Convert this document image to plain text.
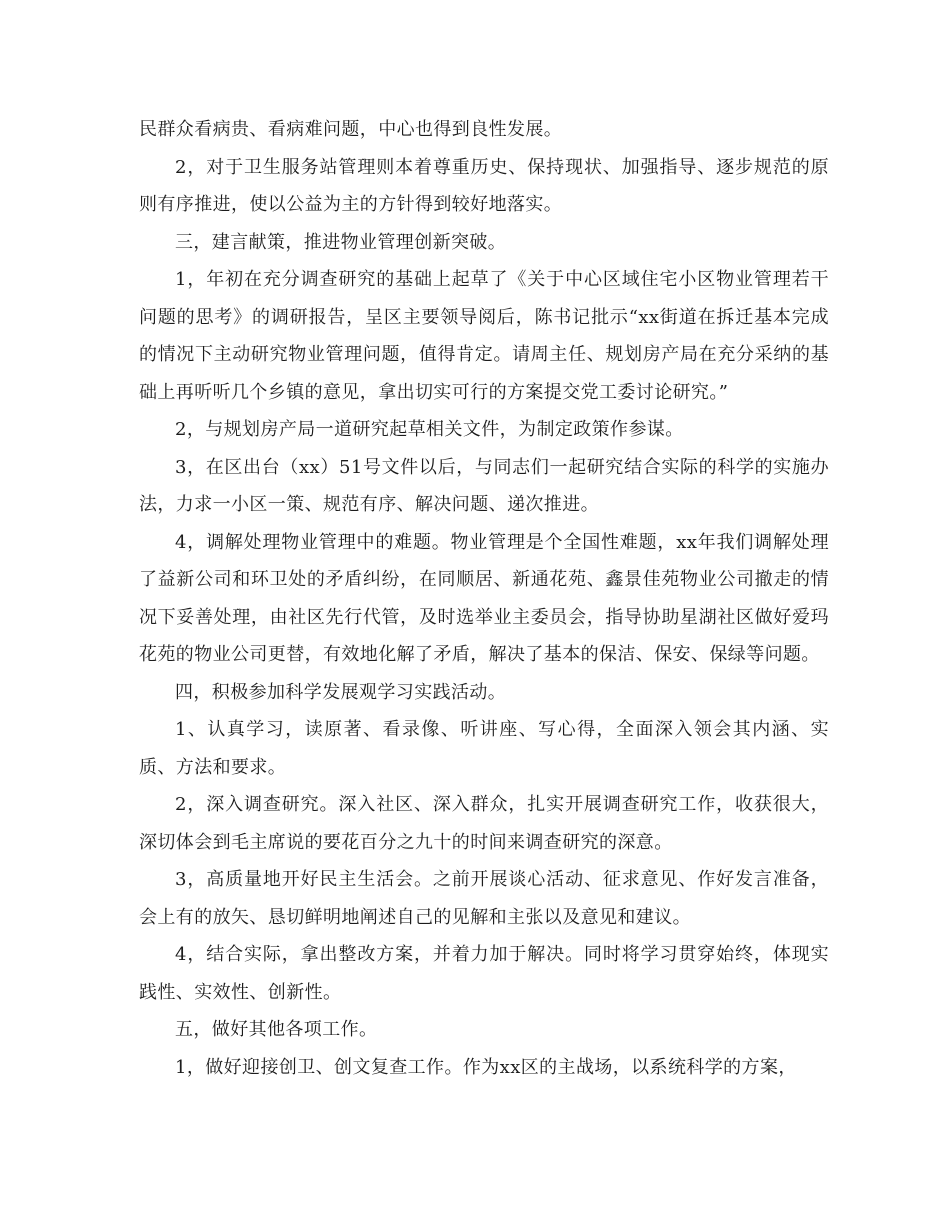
民群众看病贵、看病难问题，中心也得到良性发展。

2，对于卫生服务站管理则本着尊重历史、保持现状、加强指导、逐步规范的原则有序推进，使以公益为主的方针得到较好地落实。

三，建言献策，推进物业管理创新突破。

1，年初在充分调查研究的基础上起草了《关于中心区域住宅小区物业管理若干问题的思考》的调研报告，呈区主要领导阅后，陈书记批示“xx街道在拆迁基本完成的情况下主动研究物业管理问题，值得肯定。请周主任、规划房产局在充分采纳的基础上再听听几个乡镇的意见，拿出切实可行的方案提交党工委讨论研究。”

2，与规划房产局一道研究起草相关文件，为制定政策作参谋。

3，在区出台（xx）51号文件以后，与同志们一起研究结合实际的科学的实施办法，力求一小区一策、规范有序、解决问题、递次推进。

4，调解处理物业管理中的难题。物业管理是个全国性难题，xx年我们调解处理了益新公司和环卫处的矛盾纠纷，在同顺居、新通花苑、鑫景佳苑物业公司撤走的情况下妥善处理，由社区先行代管，及时选举业主委员会，指导协助星湖社区做好爱玛花苑的物业公司更替，有效地化解了矛盾，解决了基本的保洁、保安、保绿等问题。

四，积极参加科学发展观学习实践活动。

1、认真学习，读原著、看录像、听讲座、写心得，全面深入领会其内涵、实质、方法和要求。

2，深入调查研究。深入社区、深入群众，扎实开展调查研究工作，收获很大，深切体会到毛主席说的要花百分之九十的时间来调查研究的深意。

3，高质量地开好民主生活会。之前开展谈心活动、征求意见、作好发言准备，会上有的放矢、恳切鲜明地阐述自己的见解和主张以及意见和建议。

4，结合实际，拿出整改方案，并着力加于解决。同时将学习贯穿始终，体现实践性、实效性、创新性。

五，做好其他各项工作。

1，做好迎接创卫、创文复查工作。作为xx区的主战场，以系统科学的方案，
